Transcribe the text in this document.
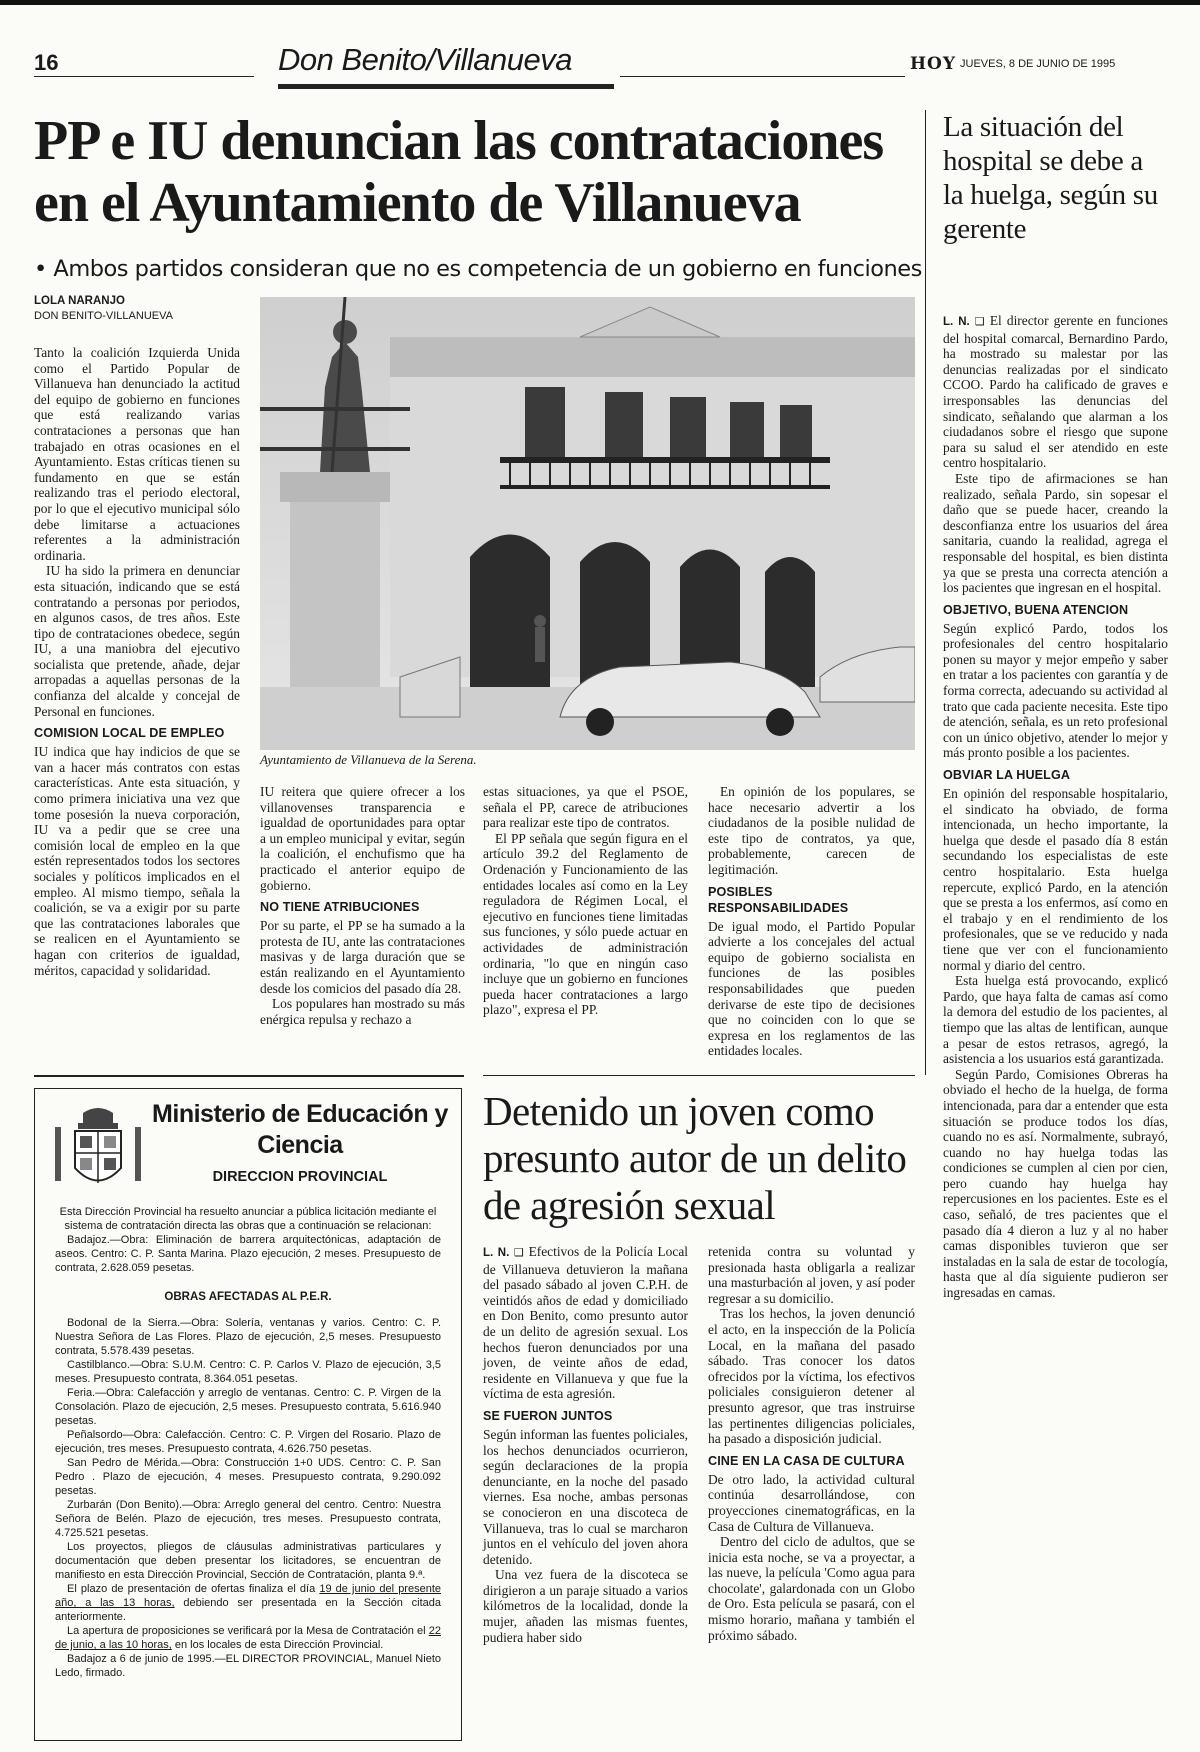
16	Don Benito/Villanueva	HOY JUEVES, 8 DE JUNIO DE 1995
PP e IU denuncian las contrataciones
en el Ayuntamiento de Villanueva
• Ambos partidos consideran que no es competencia de un gobierno en funciones
LOLA NARANJO
DON BENITO-VILLANUEVA

Tanto la coalición Izquierda Unida como el Partido Popular de Villanueva han denunciado la actitud del equipo de gobierno en funciones que está realizando varias contrataciones a personas que han trabajado en otras ocasiones en el Ayuntamiento. Estas críticas tienen su fundamento en que se están realizando tras el periodo electoral, por lo que el ejecutivo municipal sólo debe limitarse a actuaciones referentes a la administración ordinaria.

IU ha sido la primera en denunciar esta situación, indicando que se está contratando a personas por periodos, en algunos casos, de tres años. Este tipo de contrataciones obedece, según IU, a una maniobra del ejecutivo socialista que pretende, añade, dejar arropadas a aquellas personas de la confianza del alcalde y concejal de Personal en funciones.

COMISION LOCAL DE EMPLEO

IU indica que hay indicios de que se van a hacer más contratos con estas características. Ante esta situación, y como primera iniciativa una vez que tome posesión la nueva corporación, IU va a pedir que se cree una comisión local de empleo en la que estén representados todos los sectores sociales y políticos implicados en el empleo. Al mismo tiempo, señala la coalición, se va a exigir por su parte que las contrataciones laborales que se realicen en el Ayuntamiento se hagan con criterios de igualdad, méritos, capacidad y solidaridad.

Ayuntamiento de Villanueva de la Serena.

IU reitera que quiere ofrecer a los villanovenses transparencia e igualdad de oportunidades para optar a un empleo municipal y evitar, según la coalición, el enchufismo que ha practicado el anterior equipo de gobierno.

NO TIENE ATRIBUCIONES

Por su parte, el PP se ha sumado a la protesta de IU, ante las contrataciones masivas y de larga duración que se están realizando en el Ayuntamiento desde los comicios del pasado día 28.

Los populares han mostrado su más enérgica repulsa y rechazo a

estas situaciones, ya que el PSOE, señala el PP, carece de atribuciones para realizar este tipo de contratos.

El PP señala que según figura en el artículo 39.2 del Reglamento de Ordenación y Funcionamiento de las entidades locales así como en la Ley reguladora de Régimen Local, el ejecutivo en funciones tiene limitadas sus funciones, y sólo puede actuar en actividades de administración ordinaria, "lo que en ningún caso incluye que un gobierno en funciones pueda hacer contrataciones a largo plazo", expresa el PP.

En opinión de los populares, se hace necesario advertir a los ciudadanos de la posible nulidad de este tipo de contratos, ya que, probablemente, carecen de legitimación.

POSIBLES RESPONSABILIDADES

De igual modo, el Partido Popular advierte a los concejales del actual equipo de gobierno socialista en funciones de las posibles responsabilidades que pueden derivarse de este tipo de decisiones que no coinciden con lo que se expresa en los reglamentos de las entidades locales.

La situación del hospital se debe a la huelga, según su gerente

L. N. ❑ El director gerente en funciones del hospital comarcal, Bernardino Pardo, ha mostrado su malestar por las denuncias realizadas por el sindicato CCOO. Pardo ha calificado de graves e irresponsables las denuncias del sindicato, señalando que alarman a los ciudadanos sobre el riesgo que supone para su salud el ser atendido en este centro hospitalario.

Este tipo de afirmaciones se han realizado, señala Pardo, sin sopesar el daño que se puede hacer, creando la desconfianza entre los usuarios del área sanitaria, cuando la realidad, agrega el responsable del hospital, es bien distinta ya que se presta una correcta atención a los pacientes que ingresan en el hospital.

OBJETIVO, BUENA ATENCION

Según explicó Pardo, todos los profesionales del centro hospitalario ponen su mayor y mejor empeño y saber en tratar a los pacientes con garantía y de forma correcta, adecuando su actividad al trato que cada paciente necesita. Este tipo de atención, señala, es un reto profesional con un único objetivo, atender lo mejor y más pronto posible a los pacientes.

OBVIAR LA HUELGA

En opinión del responsable hospitalario, el sindicato ha obviado, de forma intencionada, un hecho importante, la huelga que desde el pasado día 8 están secundando los especialistas de este centro hospitalario. Esta huelga repercute, explicó Pardo, en la atención que se presta a los enfermos, así como en el trabajo y en el rendimiento de los profesionales, que se ve reducido y nada tiene que ver con el funcionamiento normal y diario del centro.

Esta huelga está provocando, explicó Pardo, que haya falta de camas así como la demora del estudio de los pacientes, al tiempo que las altas de lentifican, aunque a pesar de estos retrasos, agregó, la asistencia a los usuarios está garantizada.

Según Pardo, Comisiones Obreras ha obviado el hecho de la huelga, de forma intencionada, para dar a entender que esta situación se produce todos los días, cuando no es así. Normalmente, subrayó, cuando no hay huelga todas las condiciones se cumplen al cien por cien, pero cuando hay huelga hay repercusiones en los pacientes. Este es el caso, señaló, de tres pacientes que el pasado día 4 dieron a luz y al no haber camas disponibles tuvieron que ser instaladas en la sala de estar de tocología, hasta que al día siguiente pudieron ser ingresadas en camas.

Ministerio de Educación y
Ciencia
DIRECCION PROVINCIAL
Esta Dirección Provincial ha resuelto anunciar a pública licitación mediante el sistema de contratación directa las obras que a continuación se relacionan:
Badajoz.—Obra: Eliminación de barrera arquitectónicas, adaptación de aseos. Centro: C. P. Santa Marina. Plazo ejecución, 2 meses. Presupuesto de contrata, 2.628.059 pesetas.
OBRAS AFECTADAS AL P.E.R.
Bodonal de la Sierra.—Obra: Solería, ventanas y varios. Centro: C. P. Nuestra Señora de Las Flores. Plazo de ejecución, 2,5 meses. Presupuesto contrata, 5.578.439 pesetas.
Castilblanco.—Obra: S.U.M. Centro: C. P. Carlos V. Plazo de ejecución, 3,5 meses. Presupuesto contrata, 8.364.051 pesetas.
Feria.—Obra: Calefacción y arreglo de ventanas. Centro: C. P. Virgen de la Consolación. Plazo de ejecución, 2,5 meses. Presupuesto contrata, 5.616.940 pesetas.
Peñalsordo—Obra: Calefacción. Centro: C. P. Virgen del Rosario. Plazo de ejecución, tres meses. Presupuesto contrata, 4.626.750 pesetas.
San Pedro de Mérida.—Obra: Construcción 1+0 UDS. Centro: C. P. San Pedro . Plazo de ejecución, 4 meses. Presupuesto contrata, 9.290.092 pesetas.
Zurbarán (Don Benito).—Obra: Arreglo general del centro. Centro: Nuestra Señora de Belén. Plazo de ejecución, tres meses. Presupuesto contrata, 4.725.521 pesetas.
Los proyectos, pliegos de cláusulas administrativas particulares y documentación que deben presentar los licitadores, se encuentran de manifiesto en esta Dirección Provincial, Sección de Contratación, planta 9.ª.
El plazo de presentación de ofertas finaliza el día 19 de junio del presente año, a las 13 horas, debiendo ser presentada en la Sección citada anteriormente.
La apertura de proposiciones se verificará por la Mesa de Contratación el 22 de junio, a las 10 horas, en los locales de esta Dirección Provincial.
Badajoz a 6 de junio de 1995.—EL DIRECTOR PROVINCIAL, Manuel Nieto Ledo, firmado.
Detenido un joven como presunto autor de un delito de agresión sexual

L. N. ❑ Efectivos de la Policía Local de Villanueva detuvieron la mañana del pasado sábado al joven C.P.H. de veintidós años de edad y domiciliado en Don Benito, como presunto autor de un delito de agresión sexual. Los hechos fueron denunciados por una joven, de veinte años de edad, residente en Villanueva y que fue la víctima de esta agresión.

SE FUERON JUNTOS

Según informan las fuentes policiales, los hechos denunciados ocurrieron, según declaraciones de la propia denunciante, en la noche del pasado viernes. Esa noche, ambas personas se conocieron en una discoteca de Villanueva, tras lo cual se marcharon juntos en el vehículo del joven ahora detenido.

Una vez fuera de la discoteca se dirigieron a un paraje situado a varios kilómetros de la localidad, donde la mujer, añaden las mismas fuentes, pudiera haber sido

retenida contra su voluntad y presionada hasta obligarla a realizar una masturbación al joven, y así poder regresar a su domicilio.

Tras los hechos, la joven denunció el acto, en la inspección de la Policía Local, en la mañana del pasado sábado. Tras conocer los datos ofrecidos por la víctima, los efectivos policiales consiguieron detener al presunto agresor, que tras instruirse las pertinentes diligencias policiales, ha pasado a disposición judicial.

CINE EN LA CASA DE CULTURA

De otro lado, la actividad cultural continúa desarrollándose, con proyecciones cinematográficas, en la Casa de Cultura de Villanueva.

Dentro del ciclo de adultos, que se inicia esta noche, se va a proyectar, a las nueve, la película 'Como agua para chocolate', galardonada con un Globo de Oro. Esta película se pasará, con el mismo horario, mañana y también el próximo sábado.
